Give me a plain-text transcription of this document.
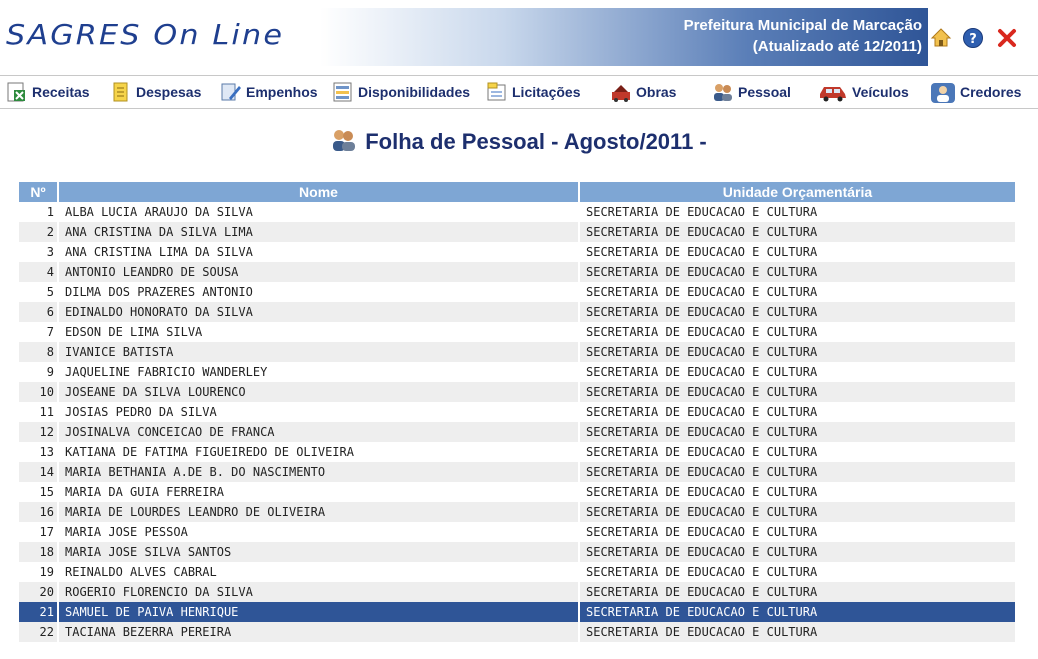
SAGRES On Line	Prefeitura Municipal de Marcação
(Atualizado até 12/2011)	?
Receitas	Despesas	Empenhos	Disponibilidades	Licitações	Obras	Pessoal	Veículos	Credores
Folha de Pessoal - Agosto/2011 -
Nº	Nome	Unidade Orçamentária
1	ALBA LUCIA ARAUJO DA SILVA	SECRETARIA DE EDUCACAO E CULTURA
2	ANA CRISTINA DA SILVA LIMA	SECRETARIA DE EDUCACAO E CULTURA
3	ANA CRISTINA LIMA DA SILVA	SECRETARIA DE EDUCACAO E CULTURA
4	ANTONIO LEANDRO DE SOUSA	SECRETARIA DE EDUCACAO E CULTURA
5	DILMA DOS PRAZERES ANTONIO	SECRETARIA DE EDUCACAO E CULTURA
6	EDINALDO HONORATO DA SILVA	SECRETARIA DE EDUCACAO E CULTURA
7	EDSON DE LIMA SILVA	SECRETARIA DE EDUCACAO E CULTURA
8	IVANICE BATISTA	SECRETARIA DE EDUCACAO E CULTURA
9	JAQUELINE FABRICIO WANDERLEY	SECRETARIA DE EDUCACAO E CULTURA
10	JOSEANE DA SILVA LOURENCO	SECRETARIA DE EDUCACAO E CULTURA
11	JOSIAS PEDRO DA SILVA	SECRETARIA DE EDUCACAO E CULTURA
12	JOSINALVA CONCEICAO DE FRANCA	SECRETARIA DE EDUCACAO E CULTURA
13	KATIANA DE FATIMA FIGUEIREDO DE OLIVEIRA	SECRETARIA DE EDUCACAO E CULTURA
14	MARIA BETHANIA A.DE B. DO NASCIMENTO	SECRETARIA DE EDUCACAO E CULTURA
15	MARIA DA GUIA FERREIRA	SECRETARIA DE EDUCACAO E CULTURA
16	MARIA DE LOURDES LEANDRO DE OLIVEIRA	SECRETARIA DE EDUCACAO E CULTURA
17	MARIA JOSE PESSOA	SECRETARIA DE EDUCACAO E CULTURA
18	MARIA JOSE SILVA SANTOS	SECRETARIA DE EDUCACAO E CULTURA
19	REINALDO ALVES CABRAL	SECRETARIA DE EDUCACAO E CULTURA
20	ROGERIO FLORENCIO DA SILVA	SECRETARIA DE EDUCACAO E CULTURA
21	SAMUEL DE PAIVA HENRIQUE	SECRETARIA DE EDUCACAO E CULTURA
22	TACIANA BEZERRA PEREIRA	SECRETARIA DE EDUCACAO E CULTURA
